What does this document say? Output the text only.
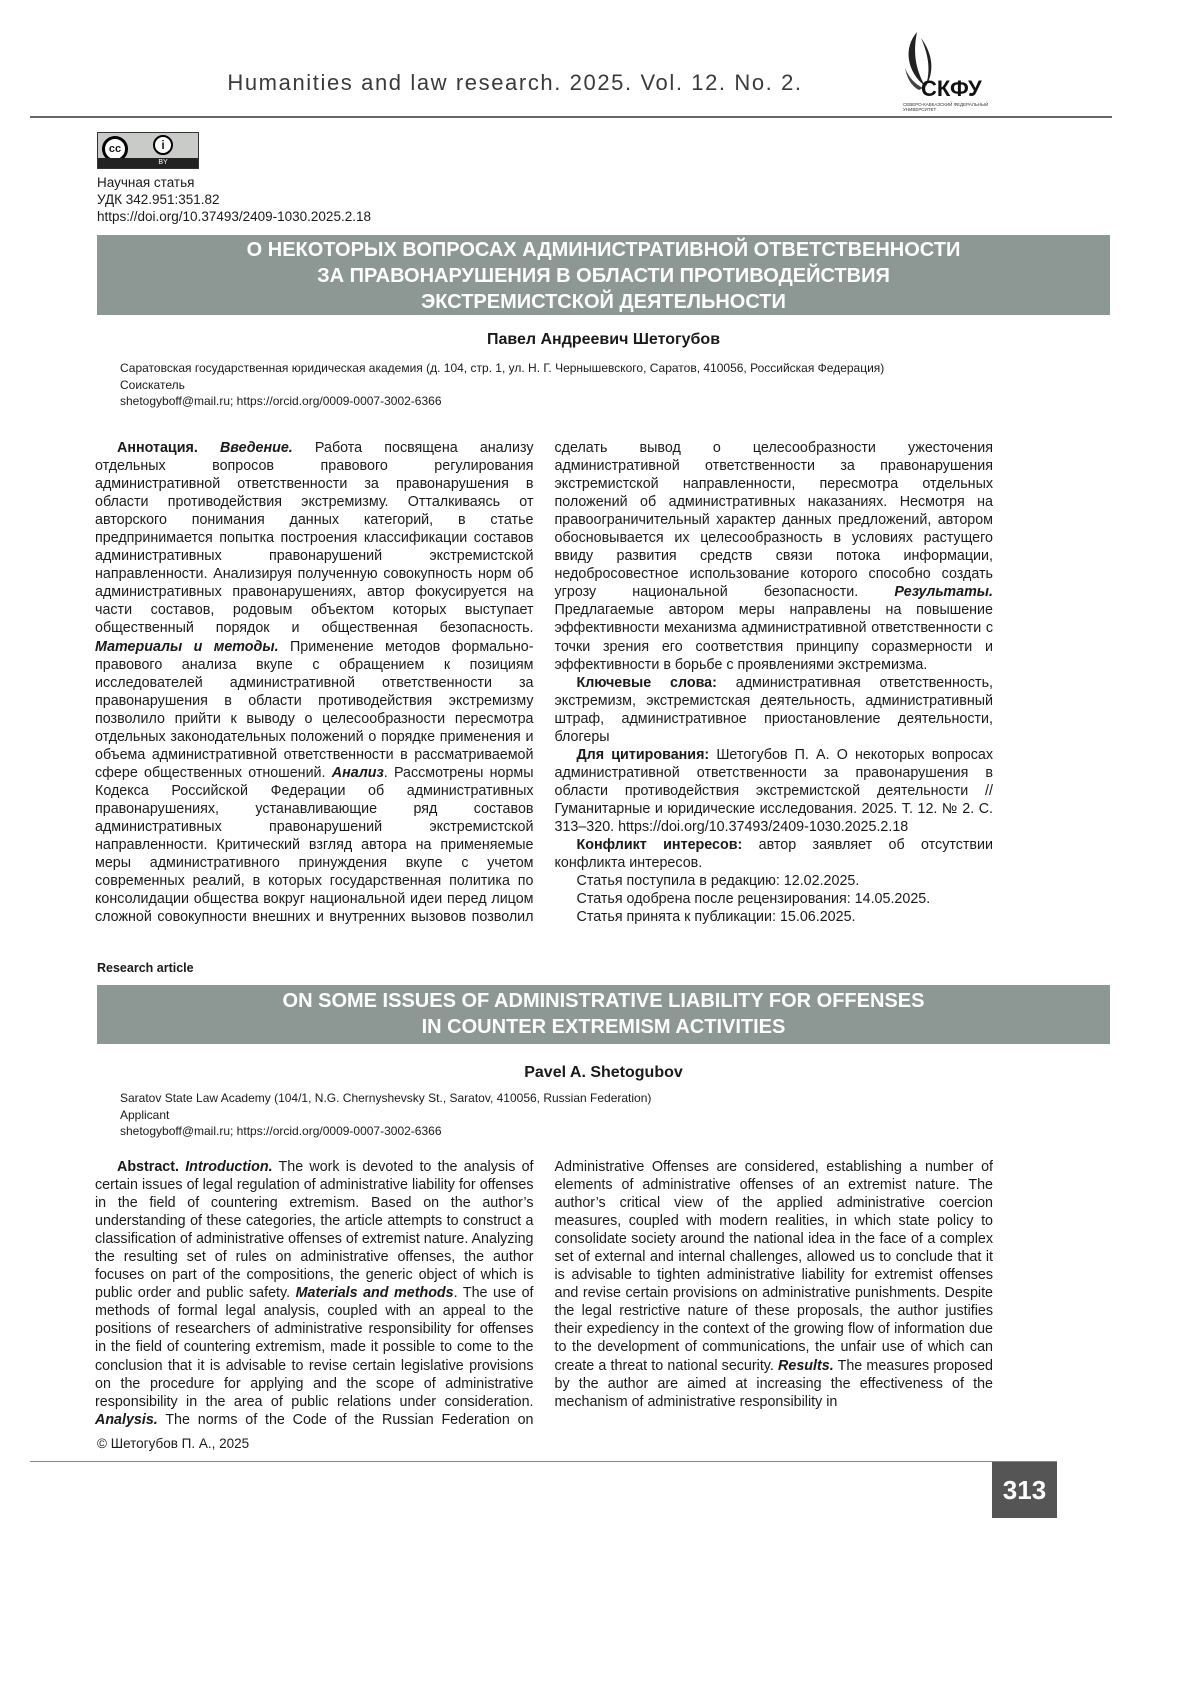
Humanities and law research. 2025. Vol. 12. No. 2.	СКФУ
СЕВЕРО-КАВКАЗСКИЙ ФЕДЕРАЛЬНЫЙ УНИВЕРСИТЕТ
cc	i
BY
Научная статья
УДК 342.951:351.82
https://doi.org/10.37493/2409-1030.2025.2.18
О НЕКОТОРЫХ ВОПРОСАХ АДМИНИСТРАТИВНОЙ ОТВЕТСТВЕННОСТИ
ЗА ПРАВОНАРУШЕНИЯ В ОБЛАСТИ ПРОТИВОДЕЙСТВИЯ
ЭКСТРЕМИСТСКОЙ ДЕЯТЕЛЬНОСТИ
Павел Андреевич Шетогубов
Саратовская государственная юридическая академия (д. 104, стр. 1, ул. Н. Г. Чернышевского, Саратов, 410056, Российская Федерация)
Соискатель
shetogyboff@mail.ru; https://orcid.org/0009-0007-3002-6366

Аннотация. Введение. Работа посвящена анализу отдельных вопросов правового регулирования административной ответственности за правонарушения в области противодействия экстремизму. Отталкиваясь от авторского понимания данных категорий, в статье предпринимается попытка построения классификации составов административных правонарушений экстремистской направленности. Анализируя полученную совокупность норм об административных правонарушениях, автор фокусируется на части составов, родовым объектом которых выступает общественный порядок и общественная безопасность. Материалы и методы. Применение методов формально-правового анализа вкупе с обращением к позициям исследователей административной ответственности за правонарушения в области противодействия экстремизму позволило прийти к выводу о целесообразности пересмотра отдельных законодательных положений о порядке применения и объема административной ответственности в рассматриваемой сфере общественных отношений. Анализ. Рассмотрены нормы Кодекса Российской Федерации об административных правонарушениях, устанавливающие ряд составов административных правонарушений экстремистской направленности. Критический взгляд автора на применяемые меры административного принуждения вкупе с учетом современных реалий, в которых государственная политика по консолидации общества вокруг национальной идеи перед лицом сложной совокупности внешних и внутренних вызовов позволил сделать вывод о целесообразности ужесточения административной ответственности за правонарушения экстремистской направленности, пересмотра отдельных положений об административных наказаниях. Несмотря на правоограничительный характер данных предложений, автором обосновывается их целесообразность в условиях растущего ввиду развития средств связи потока информации, недобросовестное использование которого способно создать угрозу национальной безопасности. Результаты. Предлагаемые автором меры направлены на повышение эффективности механизма административной ответственности с точки зрения его соответствия принципу соразмерности и эффективности в борьбе с проявлениями экстремизма.

Ключевые слова: административная ответственность, экстремизм, экстремистская деятельность, административный штраф, административное приостановление деятельности, блогеры

Для цитирования: Шетогубов П. А. О некоторых вопросах административной ответственности за правонарушения в области противодействия экстремистской деятельности // Гуманитарные и юридические исследования. 2025. Т. 12. № 2. С. 313–320. https://doi.org/10.37493/2409-1030.2025.2.18

Конфликт интересов: автор заявляет об отсутствии конфликта интересов.

Статья поступила в редакцию: 12.02.2025.

Статья одобрена после рецензирования: 14.05.2025.

Статья принята к публикации: 15.06.2025.

Research article
ON SOME ISSUES OF ADMINISTRATIVE LIABILITY FOR OFFENSES
IN COUNTER EXTREMISM ACTIVITIES
Pavel A. Shetogubov
Saratov State Law Academy (104/1, N.G. Chernyshevsky St., Saratov, 410056, Russian Federation)
Applicant
shetogyboff@mail.ru; https://orcid.org/0009-0007-3002-6366

Abstract. Introduction. The work is devoted to the analysis of certain issues of legal regulation of administrative liability for offenses in the field of countering extremism. Based on the author’s understanding of these categories, the article attempts to construct a classification of administrative offenses of extremist nature. Analyzing the resulting set of rules on administrative offenses, the author focuses on part of the compositions, the generic object of which is public order and public safety. Materials and methods. The use of methods of formal legal analysis, coupled with an appeal to the positions of researchers of administrative responsibility for offenses in the field of countering extremism, made it possible to come to the conclusion that it is advisable to revise certain legislative provisions on the procedure for applying and the scope of administrative responsibility in the area of public relations under consideration. Analysis. The norms of the Code of the Russian Federation on Administrative Offenses are considered, establishing a number of elements of administrative offenses of an extremist nature. The author’s critical view of the applied administrative coercion measures, coupled with modern realities, in which state policy to consolidate society around the national idea in the face of a complex set of external and internal challenges, allowed us to conclude that it is advisable to tighten administrative liability for extremist offenses and revise certain provisions on administrative punishments. Despite the legal restrictive nature of these proposals, the author justifies their expediency in the context of the growing flow of information due to the development of communications, the unfair use of which can create a threat to national security. Results. The measures proposed by the author are aimed at increasing the effectiveness of the mechanism of administrative responsibility in

© Шетогубов П. А., 2025
313
